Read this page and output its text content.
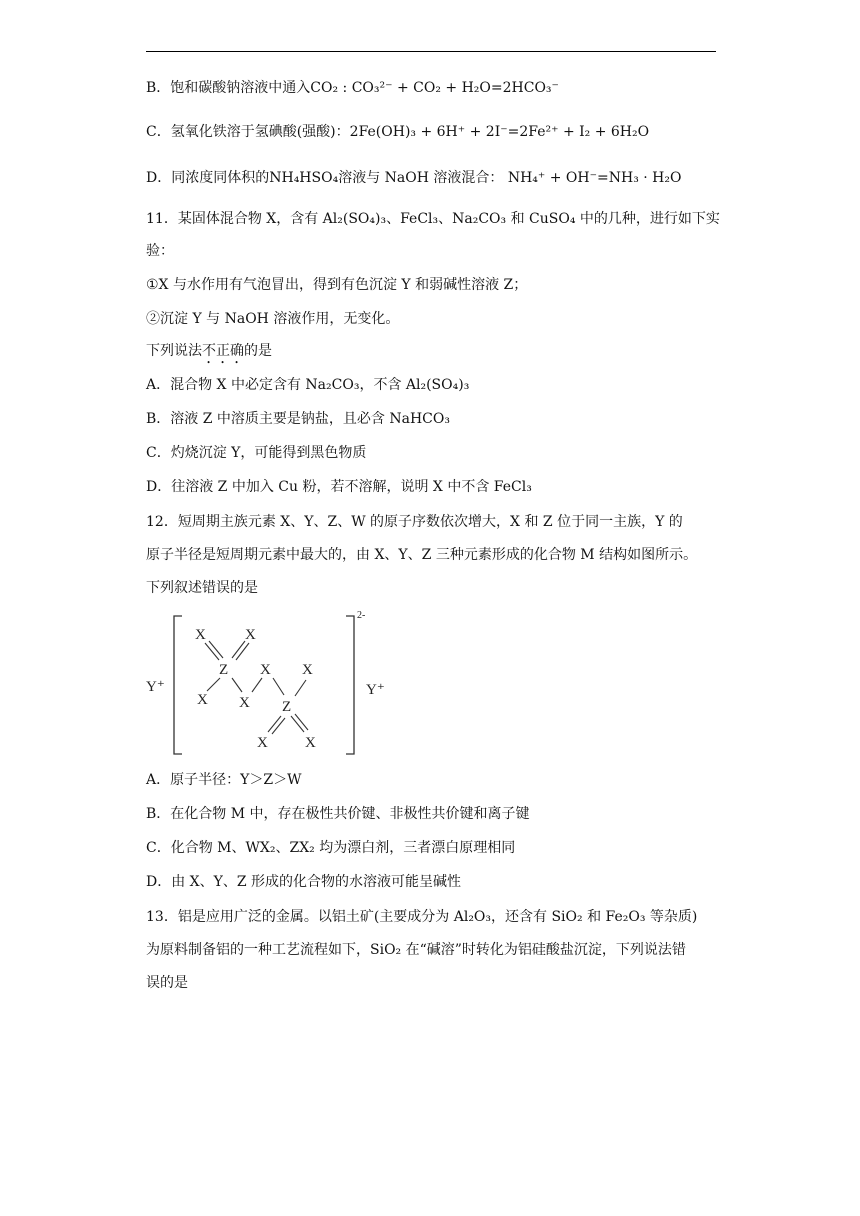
B．饱和碳酸钠溶液中通入CO₂ : CO₃²⁻ + CO₂ + H₂O=2HCO₃⁻
C．氢氧化铁溶于氢碘酸(强酸)：2Fe(OH)₃ + 6H⁺ + 2I⁻=2Fe²⁺ + I₂ + 6H₂O
D．同浓度同体积的NH₄HSO₄溶液与 NaOH 溶液混合： NH₄⁺ + OH⁻=NH₃ · H₂O
11．某固体混合物 X，含有 Al₂(SO₄)₃、FeCl₃、Na₂CO₃ 和 CuSO₄ 中的几种，进行如下实
验：
①X 与水作用有气泡冒出，得到有色沉淀 Y 和弱碱性溶液 Z；
②沉淀 Y 与 NaOH 溶液作用，无变化。
下列说法不正确的是
A．混合物 X 中必定含有 Na₂CO₃，不含 Al₂(SO₄)₃
B．溶液 Z 中溶质主要是钠盐，且必含 NaHCO₃
C．灼烧沉淀 Y，可能得到黑色物质
D．往溶液 Z 中加入 Cu 粉，若不溶解，说明 X 中不含 FeCl₃
12．短周期主族元素 X、Y、Z、W 的原子序数依次增大，X 和 Z 位于同一主族，Y 的
原子半径是短周期元素中最大的，由 X、Y、Z 三种元素形成的化合物 M 结构如图所示。
下列叙述错误的是
Y⁺
2-
Y⁺
X	X
Z X X
X X Z
X X
A．原子半径：Y＞Z＞W
B．在化合物 M 中，存在极性共价键、非极性共价键和离子键
C．化合物 M、WX₂、ZX₂ 均为漂白剂，三者漂白原理相同
D．由 X、Y、Z 形成的化合物的水溶液可能呈碱性
13．铝是应用广泛的金属。以铝土矿(主要成分为 Al₂O₃，还含有 SiO₂ 和 Fe₂O₃ 等杂质)
为原料制备铝的一种工艺流程如下，SiO₂ 在“碱溶”时转化为铝硅酸盐沉淀，下列说法错
误的是
